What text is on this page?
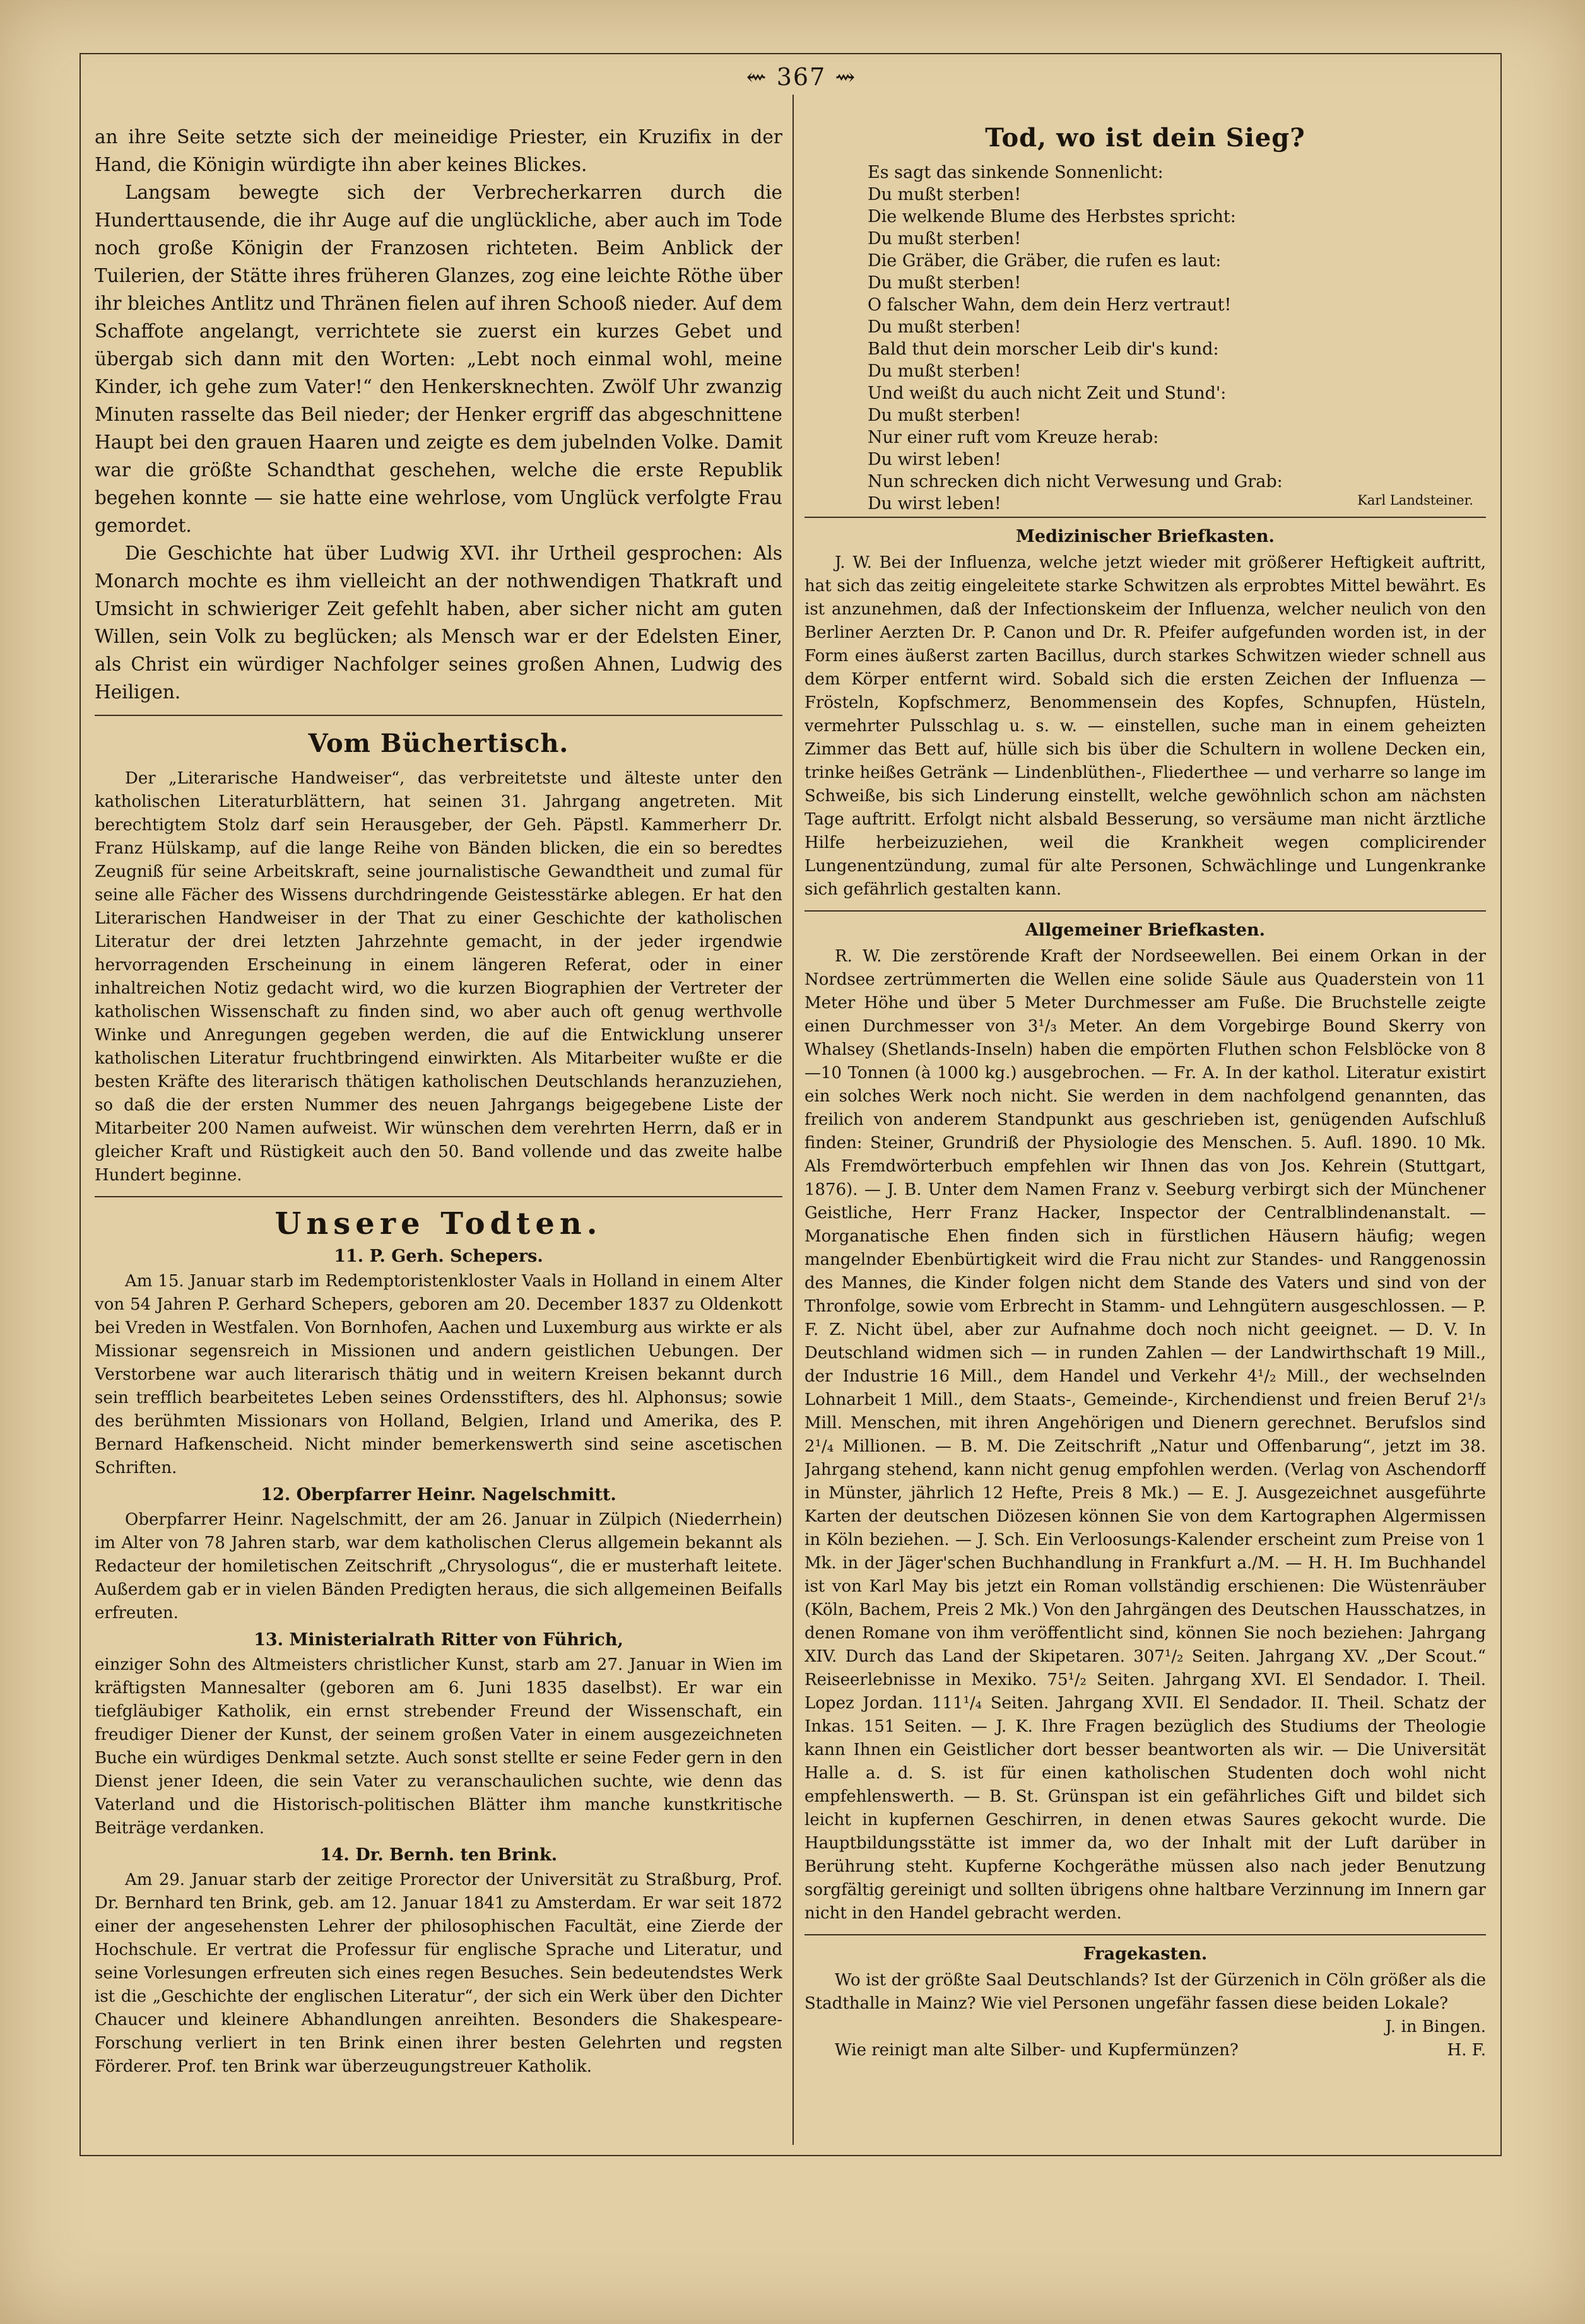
⇜ 367 ⇝

an ihre Seite setzte sich der meineidige Priester, ein Kruzifix in der Hand, die Königin würdigte ihn aber keines Blickes.

Langsam bewegte sich der Verbrecherkarren durch die Hunderttausende, die ihr Auge auf die unglückliche, aber auch im Tode noch große Königin der Franzosen richteten. Beim Anblick der Tuilerien, der Stätte ihres früheren Glanzes, zog eine leichte Röthe über ihr bleiches Antlitz und Thränen fielen auf ihren Schooß nieder. Auf dem Schaffote angelangt, verrichtete sie zuerst ein kurzes Gebet und übergab sich dann mit den Worten: „Lebt noch einmal wohl, meine Kinder, ich gehe zum Vater!“ den Henkersknechten. Zwölf Uhr zwanzig Minuten rasselte das Beil nieder; der Henker ergriff das abgeschnittene Haupt bei den grauen Haaren und zeigte es dem jubelnden Volke. Damit war die größte Schandthat geschehen, welche die erste Republik begehen konnte — sie hatte eine wehrlose, vom Unglück verfolgte Frau gemordet.

Die Geschichte hat über Ludwig XVI. ihr Urtheil gesprochen: Als Monarch mochte es ihm vielleicht an der nothwendigen Thatkraft und Umsicht in schwieriger Zeit gefehlt haben, aber sicher nicht am guten Willen, sein Volk zu beglücken; als Mensch war er der Edelsten Einer, als Christ ein würdiger Nachfolger seines großen Ahnen, Ludwig des Heiligen.

Vom Büchertisch.

Der „Literarische Handweiser“, das verbreitetste und älteste unter den katholischen Literaturblättern, hat seinen 31. Jahrgang angetreten. Mit berechtigtem Stolz darf sein Herausgeber, der Geh. Päpstl. Kammerherr Dr. Franz Hülskamp, auf die lange Reihe von Bänden blicken, die ein so beredtes Zeugniß für seine Arbeitskraft, seine journalistische Gewandtheit und zumal für seine alle Fächer des Wissens durchdringende Geistesstärke ablegen. Er hat den Literarischen Handweiser in der That zu einer Geschichte der katholischen Literatur der drei letzten Jahrzehnte gemacht, in der jeder irgendwie hervorragenden Erscheinung in einem längeren Referat, oder in einer inhaltreichen Notiz gedacht wird, wo die kurzen Biographien der Vertreter der katholischen Wissenschaft zu finden sind, wo aber auch oft genug werthvolle Winke und Anregungen gegeben werden, die auf die Entwicklung unserer katholischen Literatur fruchtbringend einwirkten. Als Mitarbeiter wußte er die besten Kräfte des literarisch thätigen katholischen Deutschlands heranzuziehen, so daß die der ersten Nummer des neuen Jahrgangs beigegebene Liste der Mitarbeiter 200 Namen aufweist. Wir wünschen dem verehrten Herrn, daß er in gleicher Kraft und Rüstigkeit auch den 50. Band vollende und das zweite halbe Hundert beginne.

Unsere Todten.
11. P. Gerh. Schepers.

Am 15. Januar starb im Redemptoristenkloster Vaals in Holland in einem Alter von 54 Jahren P. Gerhard Schepers, geboren am 20. December 1837 zu Oldenkott bei Vreden in Westfalen. Von Bornhofen, Aachen und Luxemburg aus wirkte er als Missionar segensreich in Missionen und andern geistlichen Uebungen. Der Verstorbene war auch literarisch thätig und in weitern Kreisen bekannt durch sein trefflich bearbeitetes Leben seines Ordensstifters, des hl. Alphonsus; sowie des berühmten Missionars von Holland, Belgien, Irland und Amerika, des P. Bernard Hafkenscheid. Nicht minder bemerkenswerth sind seine ascetischen Schriften.

12. Oberpfarrer Heinr. Nagelschmitt.

Oberpfarrer Heinr. Nagelschmitt, der am 26. Januar in Zülpich (Niederrhein) im Alter von 78 Jahren starb, war dem katholischen Clerus allgemein bekannt als Redacteur der homiletischen Zeitschrift „Chrysologus“, die er musterhaft leitete. Außerdem gab er in vielen Bänden Predigten heraus, die sich allgemeinen Beifalls erfreuten.

13. Ministerialrath Ritter von Führich,

einziger Sohn des Altmeisters christlicher Kunst, starb am 27. Januar in Wien im kräftigsten Mannesalter (geboren am 6. Juni 1835 daselbst). Er war ein tiefgläubiger Katholik, ein ernst strebender Freund der Wissenschaft, ein freudiger Diener der Kunst, der seinem großen Vater in einem ausgezeichneten Buche ein würdiges Denkmal setzte. Auch sonst stellte er seine Feder gern in den Dienst jener Ideen, die sein Vater zu veranschaulichen suchte, wie denn das Vaterland und die Historisch-politischen Blätter ihm manche kunstkritische Beiträge verdanken.

14. Dr. Bernh. ten Brink.

Am 29. Januar starb der zeitige Prorector der Universität zu Straßburg, Prof. Dr. Bernhard ten Brink, geb. am 12. Januar 1841 zu Amsterdam. Er war seit 1872 einer der angesehensten Lehrer der philosophischen Facultät, eine Zierde der Hochschule. Er vertrat die Professur für englische Sprache und Literatur, und seine Vorlesungen erfreuten sich eines regen Besuches. Sein bedeutendstes Werk ist die „Geschichte der englischen Literatur“, der sich ein Werk über den Dichter Chaucer und kleinere Abhandlungen anreihten. Besonders die Shakespeare-Forschung verliert in ten Brink einen ihrer besten Gelehrten und regsten Förderer. Prof. ten Brink war überzeugungstreuer Katholik.

Tod, wo ist dein Sieg?
Es sagt das sinkende Sonnenlicht:
Du mußt sterben!
Die welkende Blume des Herbstes spricht:
Du mußt sterben!
Die Gräber, die Gräber, die rufen es laut:
Du mußt sterben!
O falscher Wahn, dem dein Herz vertraut!
Du mußt sterben!
Bald thut dein morscher Leib dir's kund:
Du mußt sterben!
Und weißt du auch nicht Zeit und Stund':
Du mußt sterben!
Nur einer ruft vom Kreuze herab:
Du wirst leben!
Nun schrecken dich nicht Verwesung und Grab:
Du wirst leben!	Karl Landsteiner.
Medizinischer Briefkasten.

J. W. Bei der Influenza, welche jetzt wieder mit größerer Heftigkeit auftritt, hat sich das zeitig eingeleitete starke Schwitzen als erprobtes Mittel bewährt. Es ist anzunehmen, daß der Infectionskeim der Influenza, welcher neulich von den Berliner Aerzten Dr. P. Canon und Dr. R. Pfeifer aufgefunden worden ist, in der Form eines äußerst zarten Bacillus, durch starkes Schwitzen wieder schnell aus dem Körper entfernt wird. Sobald sich die ersten Zeichen der Influenza — Frösteln, Kopfschmerz, Benommensein des Kopfes, Schnupfen, Hüsteln, vermehrter Pulsschlag u. s. w. — einstellen, suche man in einem geheizten Zimmer das Bett auf, hülle sich bis über die Schultern in wollene Decken ein, trinke heißes Getränk — Lindenblüthen-, Fliederthee — und verharre so lange im Schweiße, bis sich Linderung einstellt, welche gewöhnlich schon am nächsten Tage auftritt. Erfolgt nicht alsbald Besserung, so versäume man nicht ärztliche Hilfe herbeizuziehen, weil die Krankheit wegen complicirender Lungenentzündung, zumal für alte Personen, Schwächlinge und Lungenkranke sich gefährlich gestalten kann.

Allgemeiner Briefkasten.

R. W. Die zerstörende Kraft der Nordseewellen. Bei einem Orkan in der Nordsee zertrümmerten die Wellen eine solide Säule aus Quaderstein von 11 Meter Höhe und über 5 Meter Durchmesser am Fuße. Die Bruchstelle zeigte einen Durchmesser von 3¹/₃ Meter. An dem Vorgebirge Bound Skerry von Whalsey (Shetlands-Inseln) haben die empörten Fluthen schon Felsblöcke von 8—10 Tonnen (à 1000 kg.) ausgebrochen. — Fr. A. In der kathol. Literatur existirt ein solches Werk noch nicht. Sie werden in dem nachfolgend genannten, das freilich von anderem Standpunkt aus geschrieben ist, genügenden Aufschluß finden: Steiner, Grundriß der Physiologie des Menschen. 5. Aufl. 1890. 10 Mk. Als Fremdwörterbuch empfehlen wir Ihnen das von Jos. Kehrein (Stuttgart, 1876). — J. B. Unter dem Namen Franz v. Seeburg verbirgt sich der Münchener Geistliche, Herr Franz Hacker, Inspector der Centralblindenanstalt. — Morganatische Ehen finden sich in fürstlichen Häusern häufig; wegen mangelnder Ebenbürtigkeit wird die Frau nicht zur Standes- und Ranggenossin des Mannes, die Kinder folgen nicht dem Stande des Vaters und sind von der Thronfolge, sowie vom Erbrecht in Stamm- und Lehngütern ausgeschlossen. — P. F. Z. Nicht übel, aber zur Aufnahme doch noch nicht geeignet. — D. V. In Deutschland widmen sich — in runden Zahlen — der Landwirthschaft 19 Mill., der Industrie 16 Mill., dem Handel und Verkehr 4¹/₂ Mill., der wechselnden Lohnarbeit 1 Mill., dem Staats-, Gemeinde-, Kirchendienst und freien Beruf 2¹/₃ Mill. Menschen, mit ihren Angehörigen und Dienern gerechnet. Berufslos sind 2¹/₄ Millionen. — B. M. Die Zeitschrift „Natur und Offenbarung“, jetzt im 38. Jahrgang stehend, kann nicht genug empfohlen werden. (Verlag von Aschendorff in Münster, jährlich 12 Hefte, Preis 8 Mk.) — E. J. Ausgezeichnet ausgeführte Karten der deutschen Diözesen können Sie von dem Kartographen Algermissen in Köln beziehen. — J. Sch. Ein Verloosungs-Kalender erscheint zum Preise von 1 Mk. in der Jäger'schen Buchhandlung in Frankfurt a./M. — H. H. Im Buchhandel ist von Karl May bis jetzt ein Roman vollständig erschienen: Die Wüstenräuber (Köln, Bachem, Preis 2 Mk.) Von den Jahrgängen des Deutschen Hausschatzes, in denen Romane von ihm veröffentlicht sind, können Sie noch beziehen: Jahrgang XIV. Durch das Land der Skipetaren. 307¹/₂ Seiten. Jahrgang XV. „Der Scout.“ Reiseerlebnisse in Mexiko. 75¹/₂ Seiten. Jahrgang XVI. El Sendador. I. Theil. Lopez Jordan. 111¹/₄ Seiten. Jahrgang XVII. El Sendador. II. Theil. Schatz der Inkas. 151 Seiten. — J. K. Ihre Fragen bezüglich des Studiums der Theologie kann Ihnen ein Geistlicher dort besser beantworten als wir. — Die Universität Halle a. d. S. ist für einen katholischen Studenten doch wohl nicht empfehlenswerth. — B. St. Grünspan ist ein gefährliches Gift und bildet sich leicht in kupfernen Geschirren, in denen etwas Saures gekocht wurde. Die Hauptbildungsstätte ist immer da, wo der Inhalt mit der Luft darüber in Berührung steht. Kupferne Kochgeräthe müssen also nach jeder Benutzung sorgfältig gereinigt und sollten übrigens ohne haltbare Verzinnung im Innern gar nicht in den Handel gebracht werden.

Fragekasten.

Wo ist der größte Saal Deutschlands? Ist der Gürzenich in Cöln größer als die Stadthalle in Mainz? Wie viel Personen ungefähr fassen diese beiden Lokale?
J. in Bingen.

Wie reinigt man alte Silber- und Kupfermünzen?	H. F.
